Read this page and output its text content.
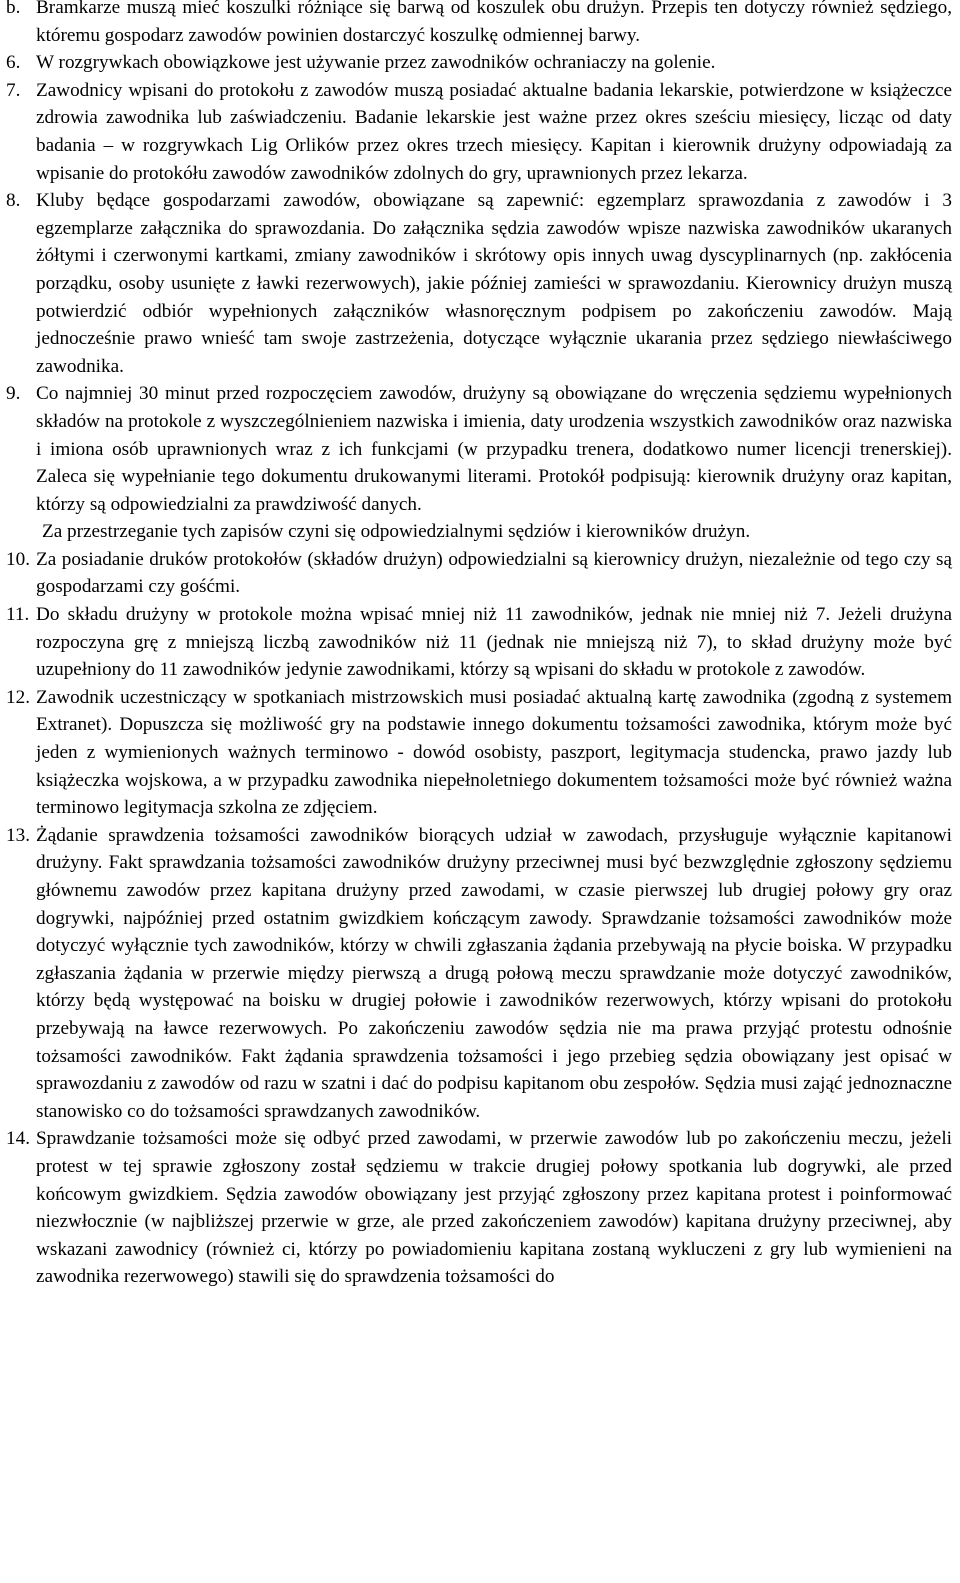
b. Bramkarze muszą mieć koszulki różniące się barwą od koszulek obu drużyn. Przepis ten dotyczy również sędziego, któremu gospodarz zawodów powinien dostarczyć koszulkę odmiennej barwy.
6. W rozgrywkach obowiązkowe jest używanie przez zawodników ochraniaczy na golenie.
7. Zawodnicy wpisani do protokołu z zawodów muszą posiadać aktualne badania lekarskie, potwierdzone w książeczce zdrowia zawodnika lub zaświadczeniu. Badanie lekarskie jest ważne przez okres sześciu miesięcy, licząc od daty badania – w rozgrywkach Lig Orlików przez okres trzech miesięcy. Kapitan i kierownik drużyny odpowiadają za wpisanie do protokółu zawodów zawodników zdolnych do gry, uprawnionych przez lekarza.
8. Kluby będące gospodarzami zawodów, obowiązane są zapewnić: egzemplarz sprawozdania z zawodów i 3 egzemplarze załącznika do sprawozdania. Do załącznika sędzia zawodów wpisze nazwiska zawodników ukaranych żółtymi i czerwonymi kartkami, zmiany zawodników i skrótowy opis innych uwag dyscyplinarnych (np. zakłócenia porządku, osoby usunięte z ławki rezerwowych), jakie później zamieści w sprawozdaniu. Kierownicy drużyn muszą potwierdzić odbiór wypełnionych załączników własnoręcznym podpisem po zakończeniu zawodów. Mają jednocześnie prawo wnieść tam swoje zastrzeżenia, dotyczące wyłącznie ukarania przez sędziego niewłaściwego zawodnika.
9. Co najmniej 30 minut przed rozpoczęciem zawodów, drużyny są obowiązane do wręczenia sędziemu wypełnionych składów na protokole z wyszczególnieniem nazwiska i imienia, daty urodzenia wszystkich zawodników oraz nazwiska i imiona osób uprawnionych wraz z ich funkcjami (w przypadku trenera, dodatkowo numer licencji trenerskiej). Zaleca się wypełnianie tego dokumentu drukowanymi literami. Protokół podpisują: kierownik drużyny oraz kapitan, którzy są odpowiedzialni za prawdziwość danych.
Za przestrzeganie tych zapisów czyni się odpowiedzialnymi sędziów i kierowników drużyn.
10. Za posiadanie druków protokołów (składów drużyn) odpowiedzialni są kierownicy drużyn, niezależnie od tego czy są gospodarzami czy gośćmi.
11. Do składu drużyny w protokole można wpisać mniej niż 11 zawodników, jednak nie mniej niż 7. Jeżeli drużyna rozpoczyna grę z mniejszą liczbą zawodników niż 11 (jednak nie mniejszą niż 7), to skład drużyny może być uzupełniony do 11 zawodników jedynie zawodnikami, którzy są wpisani do składu w protokole z zawodów.
12. Zawodnik uczestniczący w spotkaniach mistrzowskich musi posiadać aktualną kartę zawodnika (zgodną z systemem Extranet). Dopuszcza się możliwość gry na podstawie innego dokumentu tożsamości zawodnika, którym może być jeden z wymienionych ważnych terminowo - dowód osobisty, paszport, legitymacja studencka, prawo jazdy lub książeczka wojskowa, a w przypadku zawodnika niepełnoletniego dokumentem tożsamości może być również ważna terminowo legitymacja szkolna ze zdjęciem.
13. Żądanie sprawdzenia tożsamości zawodników biorących udział w zawodach, przysługuje wyłącznie kapitanowi drużyny. Fakt sprawdzania tożsamości zawodników drużyny przeciwnej musi być bezwzględnie zgłoszony sędziemu głównemu zawodów przez kapitana drużyny przed zawodami, w czasie pierwszej lub drugiej połowy gry oraz dogrywki, najpóźniej przed ostatnim gwizdkiem kończącym zawody. Sprawdzanie tożsamości zawodników może dotyczyć wyłącznie tych zawodników, którzy w chwili zgłaszania żądania przebywają na płycie boiska. W przypadku zgłaszania żądania w przerwie między pierwszą a drugą połową meczu sprawdzanie może dotyczyć zawodników, którzy będą występować na boisku w drugiej połowie i zawodników rezerwowych, którzy wpisani do protokołu przebywają na ławce rezerwowych. Po zakończeniu zawodów sędzia nie ma prawa przyjąć protestu odnośnie tożsamości zawodników. Fakt żądania sprawdzenia tożsamości i jego przebieg sędzia obowiązany jest opisać w sprawozdaniu z zawodów od razu w szatni i dać do podpisu kapitanom obu zespołów. Sędzia musi zająć jednoznaczne stanowisko co do tożsamości sprawdzanych zawodników.
14. Sprawdzanie tożsamości może się odbyć przed zawodami, w przerwie zawodów lub po zakończeniu meczu, jeżeli protest w tej sprawie zgłoszony został sędziemu w trakcie drugiej połowy spotkania lub dogrywki, ale przed końcowym gwizdkiem. Sędzia zawodów obowiązany jest przyjąć zgłoszony przez kapitana protest i poinformować niezwłocznie (w najbliższej przerwie w grze, ale przed zakończeniem zawodów) kapitana drużyny przeciwnej, aby wskazani zawodnicy (również ci, którzy po powiadomieniu kapitana zostaną wykluczeni z gry lub wymienieni na zawodnika rezerwowego) stawili się do sprawdzenia tożsamości do
